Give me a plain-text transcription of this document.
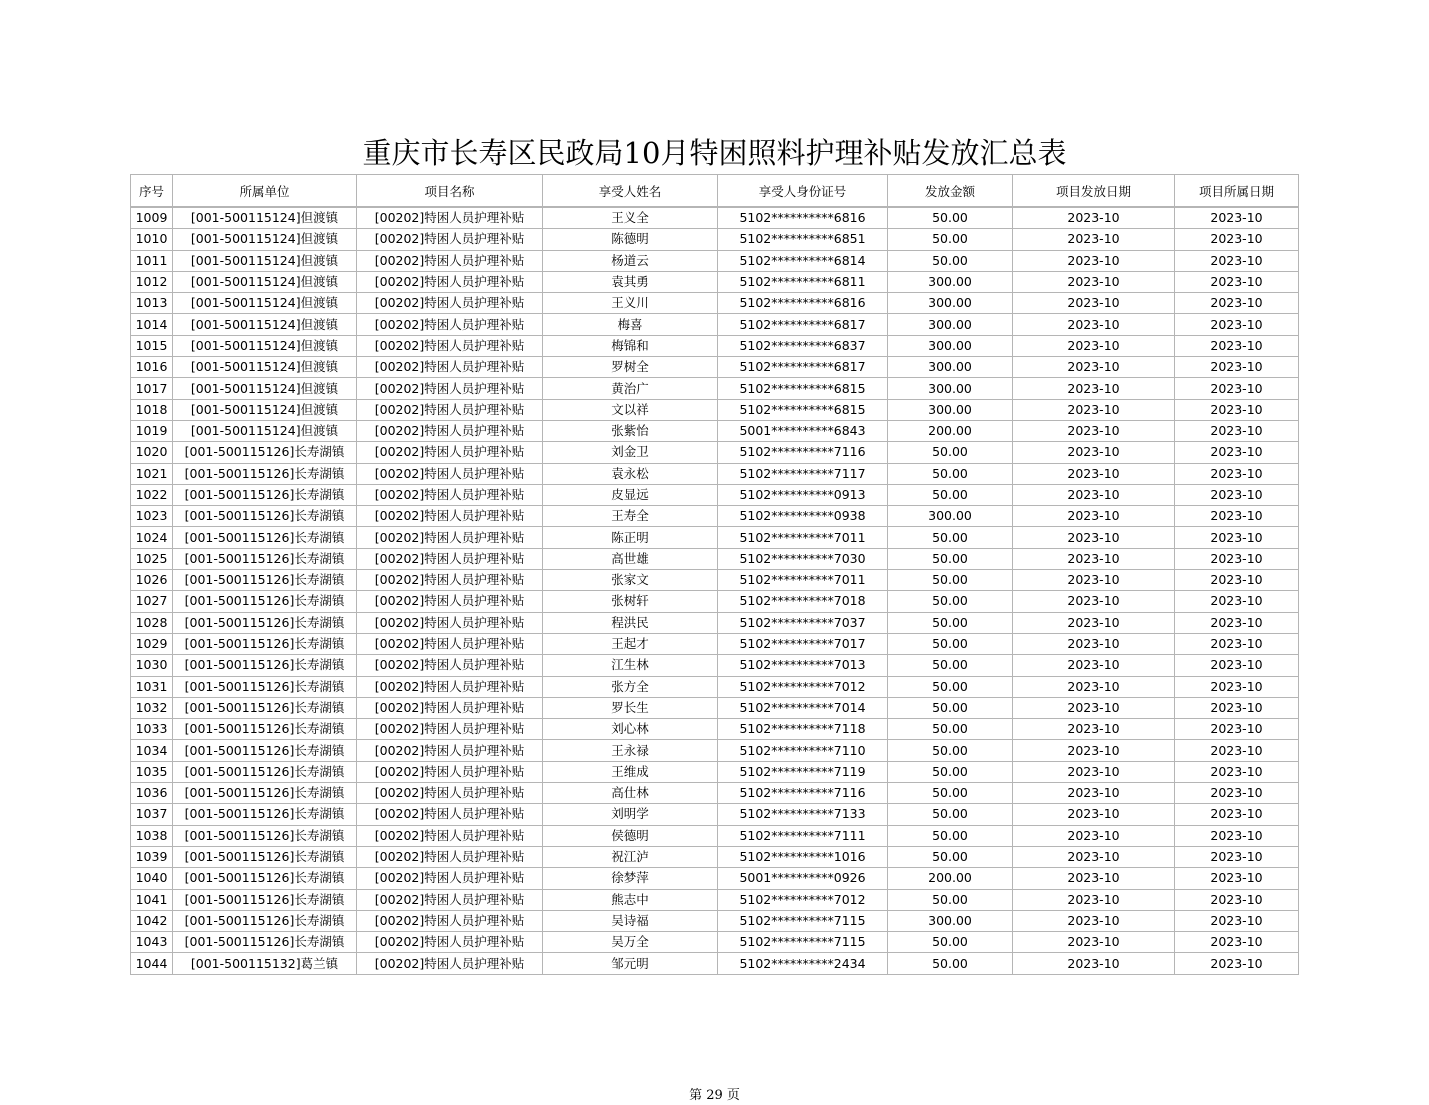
重庆市长寿区民政局10月特困照料护理补贴发放汇总表
序号	所属单位	项目名称	享受人姓名	享受人身份证号	发放金额	项目发放日期	项目所属日期
1009	[001-500115124]但渡镇	[00202]特困人员护理补贴	王义全	5102**********6816	50.00	2023-10	2023-10
1010	[001-500115124]但渡镇	[00202]特困人员护理补贴	陈德明	5102**********6851	50.00	2023-10	2023-10
1011	[001-500115124]但渡镇	[00202]特困人员护理补贴	杨道云	5102**********6814	50.00	2023-10	2023-10
1012	[001-500115124]但渡镇	[00202]特困人员护理补贴	袁其勇	5102**********6811	300.00	2023-10	2023-10
1013	[001-500115124]但渡镇	[00202]特困人员护理补贴	王义川	5102**********6816	300.00	2023-10	2023-10
1014	[001-500115124]但渡镇	[00202]特困人员护理补贴	梅喜	5102**********6817	300.00	2023-10	2023-10
1015	[001-500115124]但渡镇	[00202]特困人员护理补贴	梅锦和	5102**********6837	300.00	2023-10	2023-10
1016	[001-500115124]但渡镇	[00202]特困人员护理补贴	罗树全	5102**********6817	300.00	2023-10	2023-10
1017	[001-500115124]但渡镇	[00202]特困人员护理补贴	黄治广	5102**********6815	300.00	2023-10	2023-10
1018	[001-500115124]但渡镇	[00202]特困人员护理补贴	文以祥	5102**********6815	300.00	2023-10	2023-10
1019	[001-500115124]但渡镇	[00202]特困人员护理补贴	张紫怡	5001**********6843	200.00	2023-10	2023-10
1020	[001-500115126]长寿湖镇	[00202]特困人员护理补贴	刘金卫	5102**********7116	50.00	2023-10	2023-10
1021	[001-500115126]长寿湖镇	[00202]特困人员护理补贴	袁永松	5102**********7117	50.00	2023-10	2023-10
1022	[001-500115126]长寿湖镇	[00202]特困人员护理补贴	皮显远	5102**********0913	50.00	2023-10	2023-10
1023	[001-500115126]长寿湖镇	[00202]特困人员护理补贴	王寿全	5102**********0938	300.00	2023-10	2023-10
1024	[001-500115126]长寿湖镇	[00202]特困人员护理补贴	陈正明	5102**********7011	50.00	2023-10	2023-10
1025	[001-500115126]长寿湖镇	[00202]特困人员护理补贴	高世雄	5102**********7030	50.00	2023-10	2023-10
1026	[001-500115126]长寿湖镇	[00202]特困人员护理补贴	张家文	5102**********7011	50.00	2023-10	2023-10
1027	[001-500115126]长寿湖镇	[00202]特困人员护理补贴	张树轩	5102**********7018	50.00	2023-10	2023-10
1028	[001-500115126]长寿湖镇	[00202]特困人员护理补贴	程洪民	5102**********7037	50.00	2023-10	2023-10
1029	[001-500115126]长寿湖镇	[00202]特困人员护理补贴	王起才	5102**********7017	50.00	2023-10	2023-10
1030	[001-500115126]长寿湖镇	[00202]特困人员护理补贴	江生林	5102**********7013	50.00	2023-10	2023-10
1031	[001-500115126]长寿湖镇	[00202]特困人员护理补贴	张方全	5102**********7012	50.00	2023-10	2023-10
1032	[001-500115126]长寿湖镇	[00202]特困人员护理补贴	罗长生	5102**********7014	50.00	2023-10	2023-10
1033	[001-500115126]长寿湖镇	[00202]特困人员护理补贴	刘心林	5102**********7118	50.00	2023-10	2023-10
1034	[001-500115126]长寿湖镇	[00202]特困人员护理补贴	王永禄	5102**********7110	50.00	2023-10	2023-10
1035	[001-500115126]长寿湖镇	[00202]特困人员护理补贴	王维成	5102**********7119	50.00	2023-10	2023-10
1036	[001-500115126]长寿湖镇	[00202]特困人员护理补贴	高仕林	5102**********7116	50.00	2023-10	2023-10
1037	[001-500115126]长寿湖镇	[00202]特困人员护理补贴	刘明学	5102**********7133	50.00	2023-10	2023-10
1038	[001-500115126]长寿湖镇	[00202]特困人员护理补贴	侯德明	5102**********7111	50.00	2023-10	2023-10
1039	[001-500115126]长寿湖镇	[00202]特困人员护理补贴	祝江泸	5102**********1016	50.00	2023-10	2023-10
1040	[001-500115126]长寿湖镇	[00202]特困人员护理补贴	徐梦萍	5001**********0926	200.00	2023-10	2023-10
1041	[001-500115126]长寿湖镇	[00202]特困人员护理补贴	熊志中	5102**********7012	50.00	2023-10	2023-10
1042	[001-500115126]长寿湖镇	[00202]特困人员护理补贴	吴诗福	5102**********7115	300.00	2023-10	2023-10
1043	[001-500115126]长寿湖镇	[00202]特困人员护理补贴	吴万全	5102**********7115	50.00	2023-10	2023-10
1044	[001-500115132]葛兰镇	[00202]特困人员护理补贴	邹元明	5102**********2434	50.00	2023-10	2023-10
第 29 页
